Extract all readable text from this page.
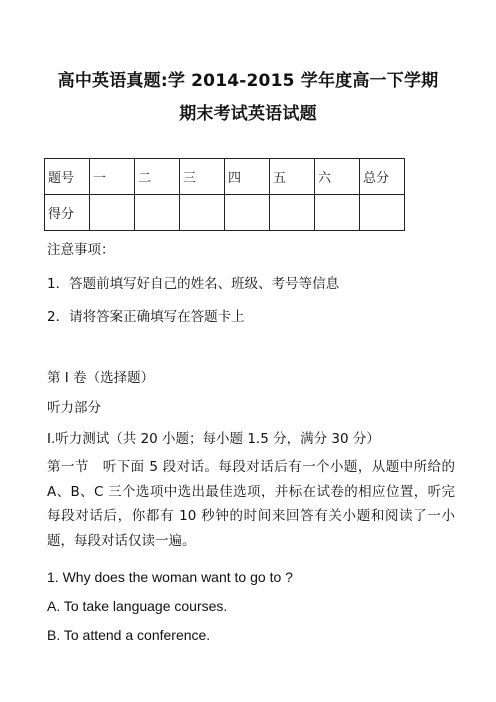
高中英语真题:学 2014-2015 学年度高一下学期
期末考试英语试题
题号	一	二	三	四	五	六	总分
得分							
注意事项：
1．答题前填写好自己的姓名、班级、考号等信息
2．请将答案正确填写在答题卡上
第 I 卷（选择题）
听力部分
I.听力测试（共 20 小题；每小题 1.5 分，满分 30 分）
第一节　听下面 5 段对话。每段对话后有一个小题，从题中所给的 A、B、C 三个选项中选出最佳选项，并标在试卷的相应位置，听完每段对话后，你都有 10 秒钟的时间来回答有关小题和阅读了一小题，每段对话仅读一遍。
1. Why does the woman want to go to ?
A. To take language courses.
B. To attend a conference.
